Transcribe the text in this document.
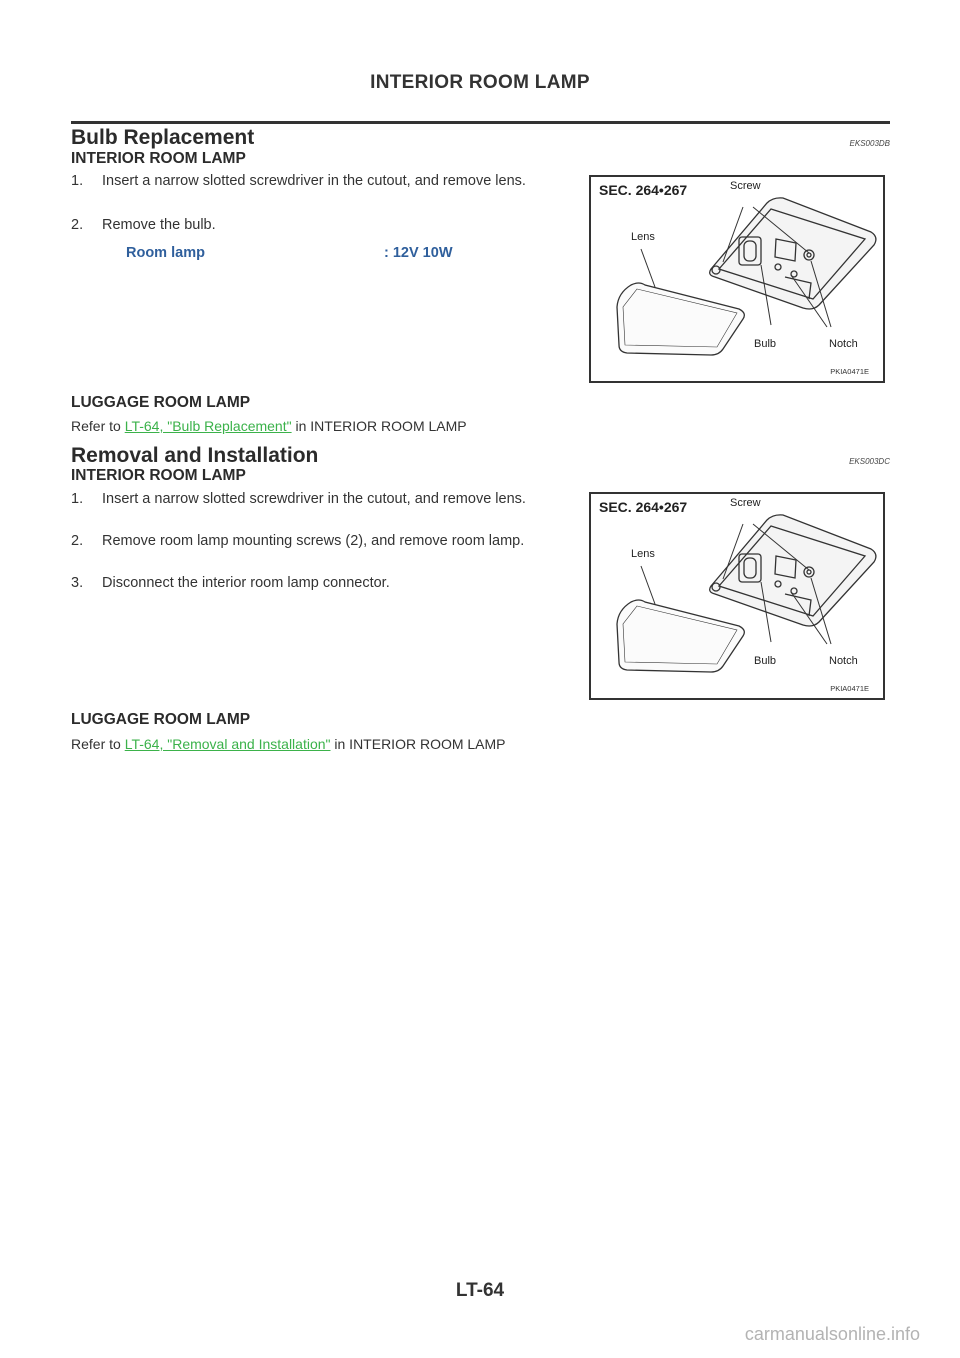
INTERIOR ROOM LAMP
Bulb Replacement	EKS003DB
INTERIOR ROOM LAMP
1. Insert a narrow slotted screwdriver in the cutout, and remove lens.
2. Remove the bulb.
Room lamp	: 12V 10W
SEC. 264•267	Screw
Lens
Bulb	Notch
PKIA0471E
LUGGAGE ROOM LAMP
Refer to LT-64, "Bulb Replacement" in INTERIOR ROOM LAMP
Removal and Installation	EKS003DC
INTERIOR ROOM LAMP
1. Insert a narrow slotted screwdriver in the cutout, and remove lens.
2. Remove room lamp mounting screws (2), and remove room lamp.
3. Disconnect the interior room lamp connector.
SEC. 264•267	Screw
Lens
Bulb	Notch
PKIA0471E
LUGGAGE ROOM LAMP
Refer to LT-64, "Removal and Installation" in INTERIOR ROOM LAMP
LT-64
carmanualsonline.info
